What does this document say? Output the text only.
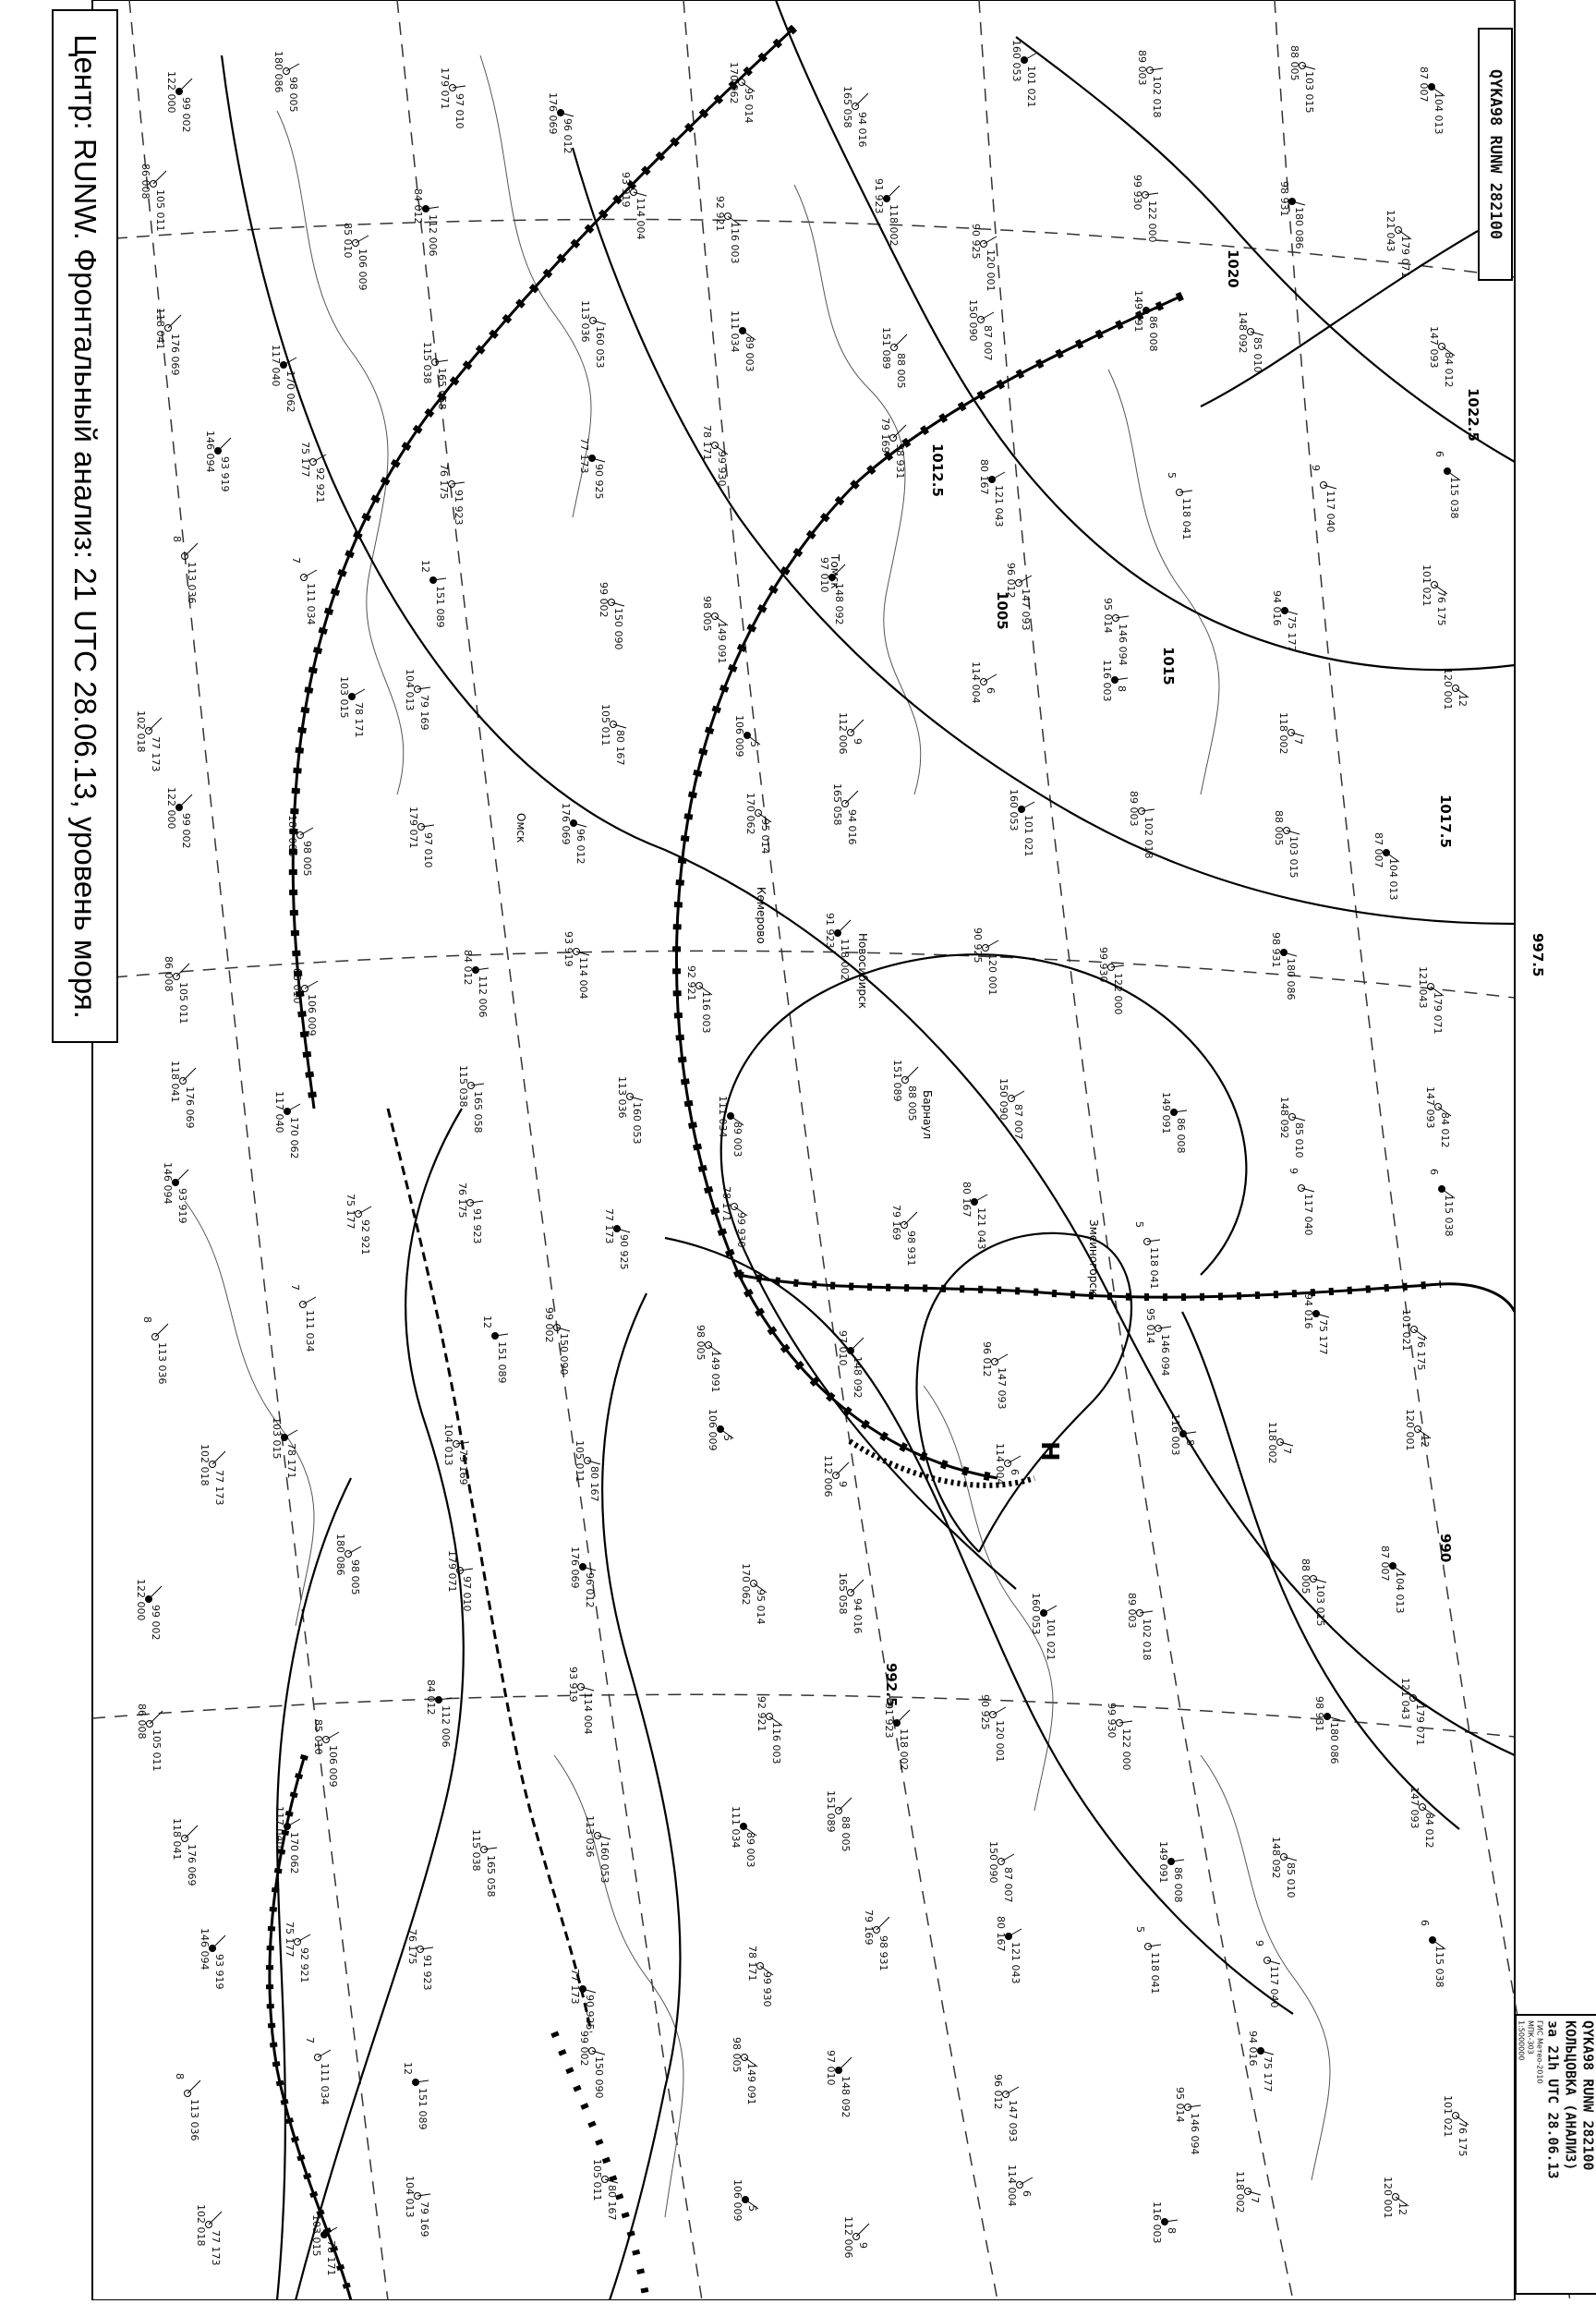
1022.5
1020
1017.5
1015
1012.5
1005
997.5
992.5
990
H
99 002
122 000	98 005
180 086
97 010
179 071
96 012
176 069	95 014
170 062
94 016
165 058	101 021
160 053
102 018
89 003
103 015
88 005
104 013
87 007
105 011
86 008
106 009
85 010	112 006
84 012	114 004
93 919
116 003
92 921	118 002
91 923
120 001
90 925	122 000
99 930
180 086
98 931
179 071
121 043
176 069
118 041
170 062
117 040
165 058
115 038	160 053
113 036
89 003
111 034
88 005
151 089	87 007
150 090	86 008
149 091
85 010
148 092
84 012
147 093
93 919
146 094
92 921
75 177
91 923
76 175	90 925
77 173	99 930
78 171
98 931
79 169
121 043
80 167
118 041
5
117 040
9
115 038
6
113 036
8
111 034
7
151 089
12
150 090
99 002
149 091
98 005	148 092
97 010
147 093
96 012
146 094
95 014
75 177
94 016	76 175
101 021
77 173
102 018	78 171
103 015	79 169
104 013
80 167
105 011	5
106 009	9
112 006
6
114 004	8
116 003
7
118 002
12
120 001
99 002
122 000
98 005
180 086	97 010
179 071	96 012
176 069	95 014
170 062	94 016
165 058
101 021
160 053
102 018
89 003
103 015
88 005
104 013
87 007
105 011
86 008
106 009
85 010	112 006
84 012	114 004
93 919
116 003
92 921
118 002
91 923
120 001
90 925
122 000
99 930	180 086
98 931
179 071
121 043
176 069
118 041
170 062
117 040	165 058
115 038
160 053
113 036
89 003
111 034	88 005
151 089
87 007
150 090
86 008
149 091
85 010
148 092	84 012
147 093
93 919
146 094
92 921
75 177	91 923
76 175
90 925
77 173	99 930
78 171
98 931
79 169	121 043
80 167
118 041
5	117 040
9
115 038
6
113 036
8	111 034
7
151 089
12
150 090
99 002
149 091
98 005
148 092
97 010
147 093
96 012	146 094
95 014	75 177
94 016
76 175
101 021
77 173
102 018	78 171
103 015
79 169
104 013
80 167
105 011
5
106 009
9
112 006	6
114 004
8
116 003	7
118 002	12
120 001
99 002
122 000
98 005
180 086
97 010
179 071	96 012
176 069
95 014
170 062
94 016
165 058
101 021
160 053
102 018
89 003	103 015
88 005	104 013
87 007
105 011
86 008
106 009
85 010	112 006
84 012	114 004
93 919
116 003
92 921
118 002
91 923	120 001
90 925
122 000
99 930
180 086
98 931	179 071
121 043
176 069
118 041	170 062
117 040
165 058
115 038	160 053
113 036	89 003
111 034	88 005
151 089
87 007
150 090
86 008
149 091	85 010
148 092
84 012
147 093
93 919
146 094	92 921
75 177
91 923
76 175
90 925
77 173	99 930
78 171	98 931
79 169
121 043
80 167
118 041
5
117 040
9
115 038
6
113 036
8	111 034
7
151 089
12	150 090
99 002
149 091
98 005
148 092
97 010
147 093
96 012
146 094
95 014
75 177
94 016
76 175
101 021
77 173
102 018
78 171
103 015	79 169
104 013	80 167
105 011
5
106 009
9
112 006
6
114 004
8
116 003
7
118 002	12
120 001
Змеиногорск
Барнаул
Новосибирск
Кемерово
Томск
Омск
Центр: RUNW. Фронтальный анализ: 21 UTC 28.06.13, уровень моря.	QYKA98 RUNW 282100
QYKA98 RUNW 282100
КОЛЬЦОВКА (АНАЛИЗ)
за 21h UTC 28.06.13
ГИС Метео-2010
МПК-303
1:5000000
